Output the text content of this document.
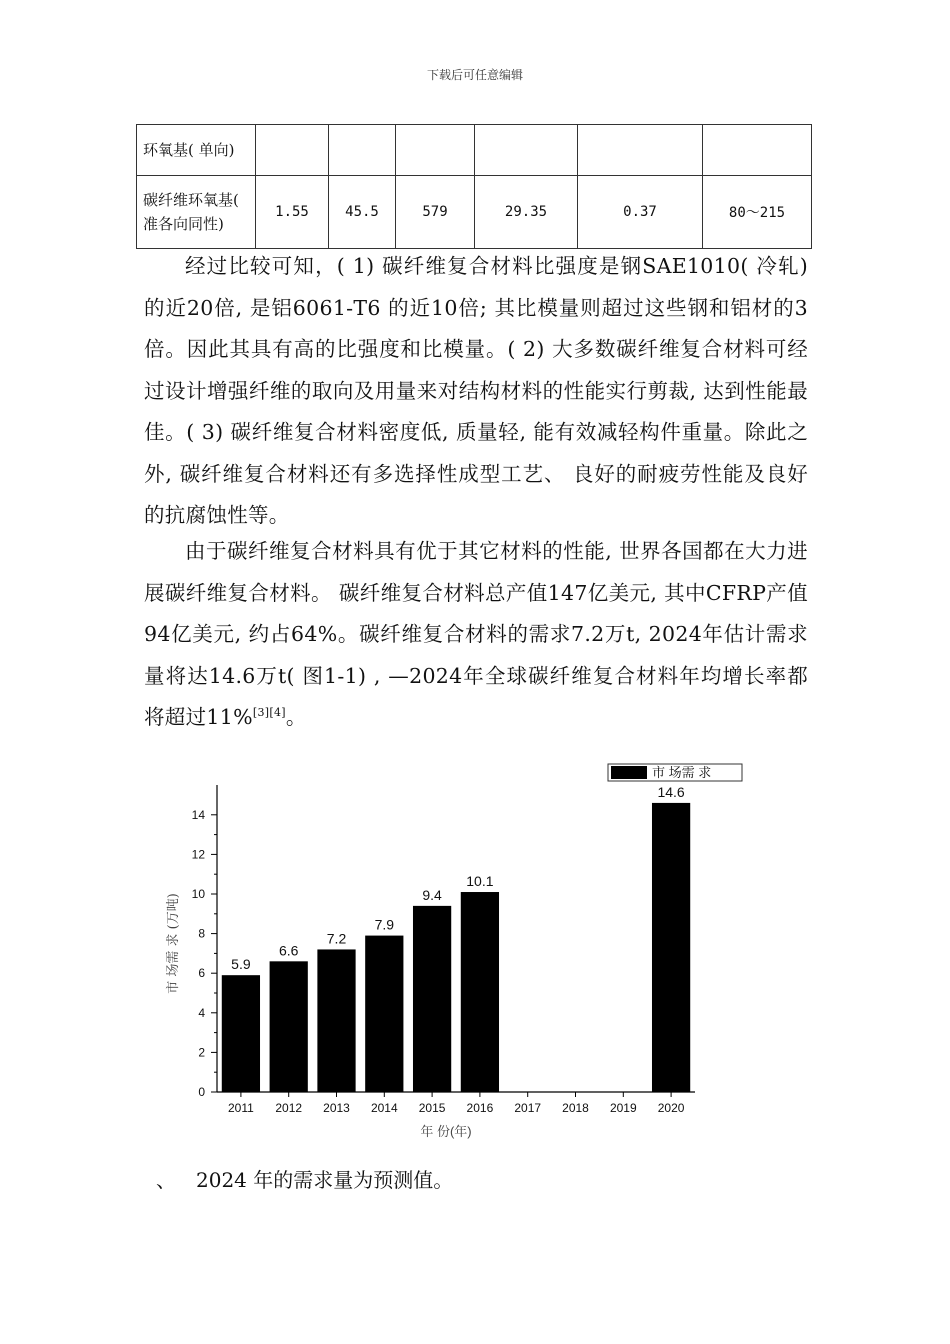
下载后可任意编辑
环氧基( 单向)						
碳纤维环氧基( 准各向同性)	1.55	45.5	579	29.35	0.37	80～215

经过比较可知，( 1) 碳纤维复合材料比强度是钢SAE1010( 冷轧) 的近20倍, 是铝6061-T6 的近10倍; 其比模量则超过这些钢和铝材的3倍。因此其具有高的比强度和比模量。( 2) 大多数碳纤维复合材料可经过设计增强纤维的取向及用量来对结构材料的性能实行剪裁, 达到性能最佳。( 3) 碳纤维复合材料密度低, 质量轻, 能有效减轻构件重量。除此之外, 碳纤维复合材料还有多选择性成型工艺、 良好的耐疲劳性能及良好的抗腐蚀性等。

由于碳纤维复合材料具有优于其它材料的性能, 世界各国都在大力进展碳纤维复合材料。 碳纤维复合材料总产值147亿美元, 其中CFRP产值94亿美元, 约占64%。碳纤维复合材料的需求7.2万t, 2024年估计需求量将达14.6万t( 图1-1) , —2024年全球碳纤维复合材料年均增长率都将超过11%[3][4]。

0
2
4
6
8
10
12
14
2011
5.9
2012
6.6
2013
7.2
2014
7.9
2015
9.4
2016
10.1
2017 2018 2019 2020
14.6
年 份(年)
市 场需 求 (万吨)
市 场需 求
、 2024 年的需求量为预测值。
